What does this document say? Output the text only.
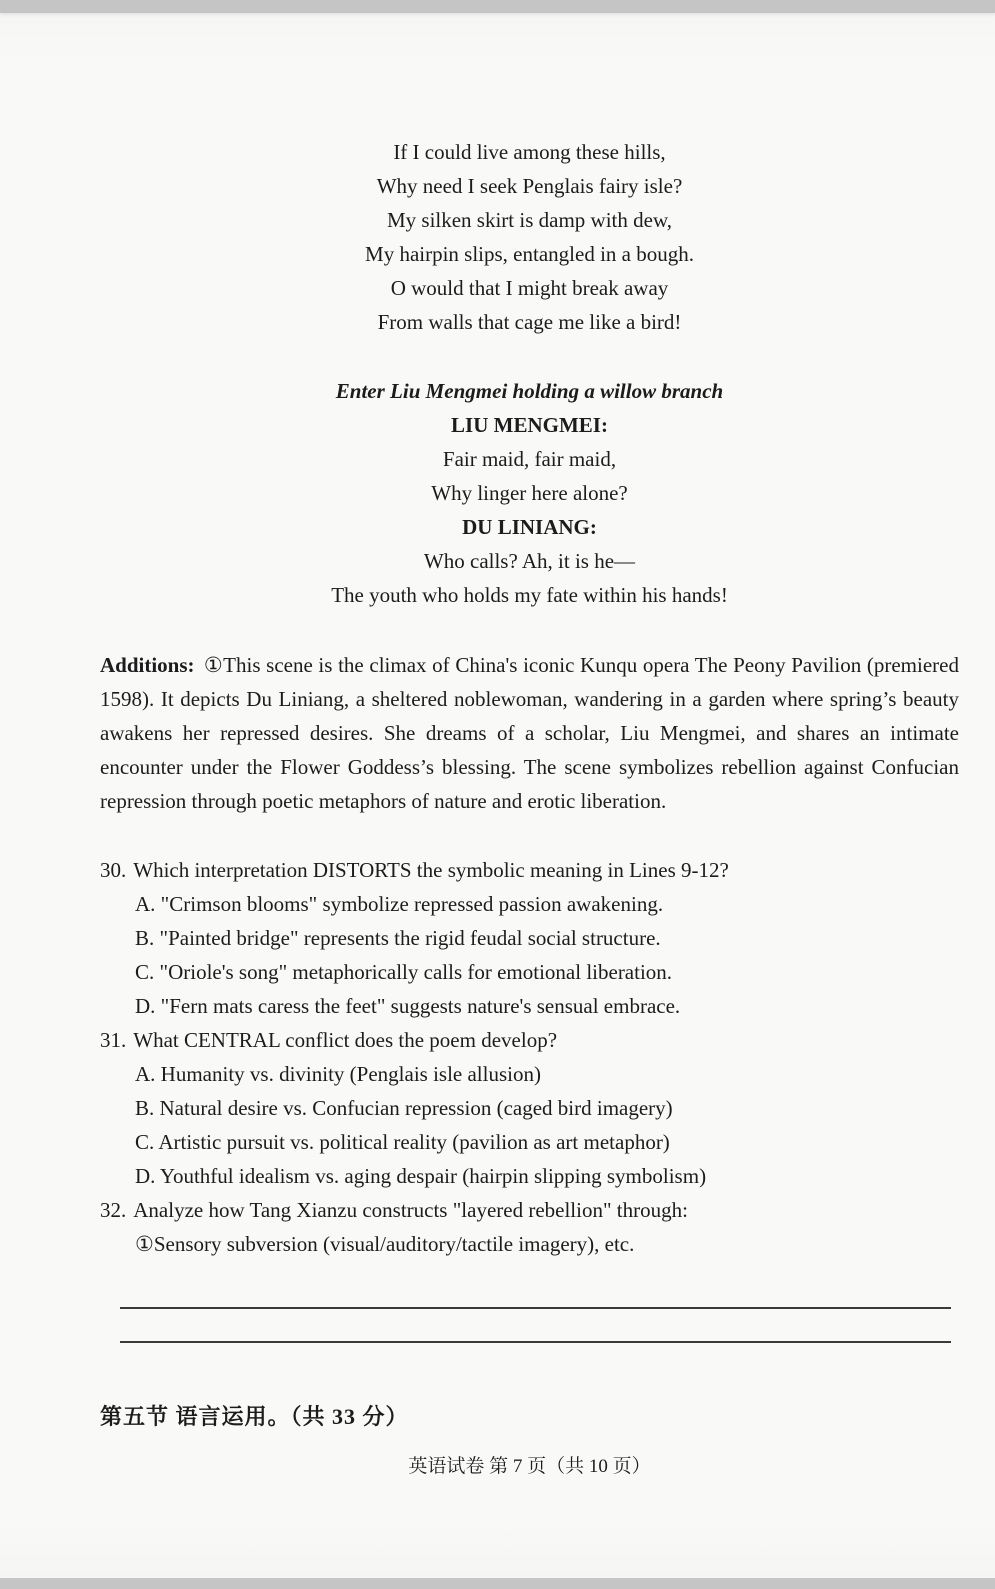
If I could live among these hills,

Why need I seek Penglais fairy isle?

My silken skirt is damp with dew,

My hairpin slips, entangled in a bough.

O would that I might break away

From walls that cage me like a bird!

Enter Liu Mengmei holding a willow branch

LIU MENGMEI:

Fair maid, fair maid,

Why linger here alone?

DU LINIANG:

Who calls? Ah, it is he—

The youth who holds my fate within his hands!

Additions: ①This scene is the climax of China's iconic Kunqu opera The Peony Pavilion (premiered 1598). It depicts Du Liniang, a sheltered noblewoman, wandering in a garden where spring’s beauty awakens her repressed desires. She dreams of a scholar, Liu Mengmei, and shares an intimate encounter under the Flower Goddess’s blessing. The scene symbolizes rebellion against Confucian repression through poetic metaphors of nature and erotic liberation.

30. Which interpretation DISTORTS the symbolic meaning in Lines 9-12?

A. "Crimson blooms" symbolize repressed passion awakening.

B. "Painted bridge" represents the rigid feudal social structure.

C. "Oriole's song" metaphorically calls for emotional liberation.

D. "Fern mats caress the feet" suggests nature's sensual embrace.

31. What CENTRAL conflict does the poem develop?

A. Humanity vs. divinity (Penglais isle allusion)

B. Natural desire vs. Confucian repression (caged bird imagery)

C. Artistic pursuit vs. political reality (pavilion as art metaphor)

D. Youthful idealism vs. aging despair (hairpin slipping symbolism)

32. Analyze how Tang Xianzu constructs "layered rebellion" through:

①Sensory subversion (visual/auditory/tactile imagery), etc.

第五节 语言运用。（共 33 分）

英语试卷 第 7 页（共 10 页）
